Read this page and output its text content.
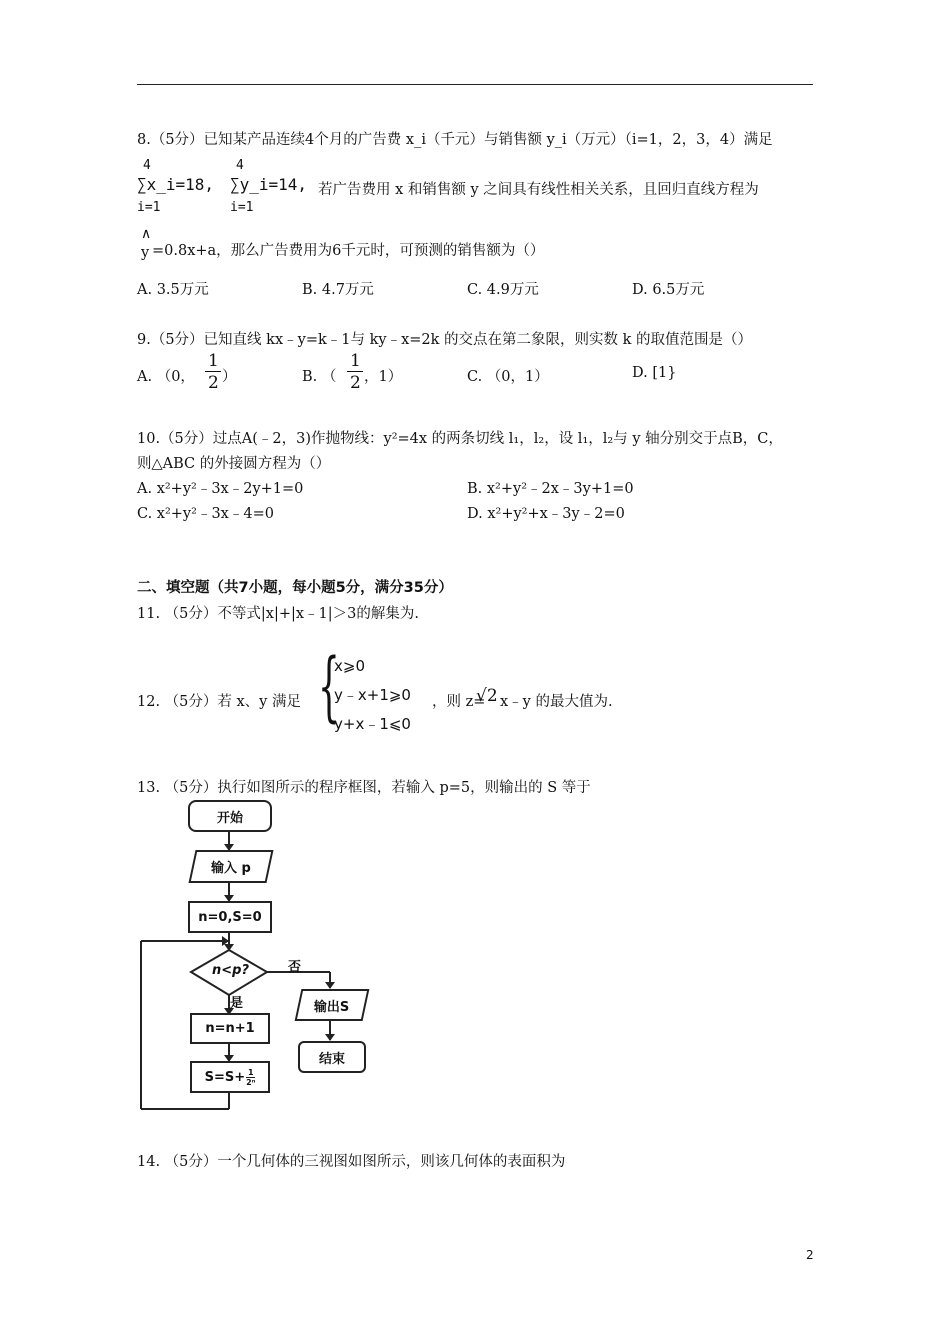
8.（5分）已知某产品连续4个月的广告费 x_i（千元）与销售额 y_i（万元）（i=1，2，3，4）满足
4
∑x_i=18,
i=1
4
∑y_i=14,
i=1
若广告费用 x 和销售额 y 之间具有线性相关关系，且回归直线方程为
∧
y =0.8x+a，那么广告费用为6千元时，可预测的销售额为（）
A. 3.5万元	B. 4.7万元	C. 4.9万元	D. 6.5万元
9.（5分）已知直线 kx﹣y=k﹣1与 ky﹣x=2k 的交点在第二象限，则实数 k 的取值范围是（）
A. （0，
1
2 ）	B. （
1
2 ，1）	C. （0，1）	D. [1}
10.（5分）过点A(﹣2，3)作抛物线：y²=4x 的两条切线 l₁，l₂，设 l₁，l₂与 y 轴分别交于点B，C，
则△ABC 的外接圆方程为（）
A. x²+y²﹣3x﹣2y+1=0	B. x²+y²﹣2x﹣3y+1=0
C. x²+y²﹣3x﹣4=0	D. x²+y²+x﹣3y﹣2=0
二、填空题（共7小题，每小题5分，满分35分）
11. （5分）不等式|x|+|x﹣1|＞3的解集为.
12. （5分）若 x、y 满足 {
x⩾0
y﹣x+1⩾0
y+x﹣1⩽0
，则 z=
√2 x﹣y 的最大值为.
13. （5分）执行如图所示的程序框图，若输入 p=5，则输出的 S 等于
开始
输入 p
n=0,S=0
n<p?	否
是
n=n+1
$S=S+ \frac{1}{\text{2ⁿ}}$
输出S
结束
14. （5分）一个几何体的三视图如图所示，则该几何体的表面积为
2
